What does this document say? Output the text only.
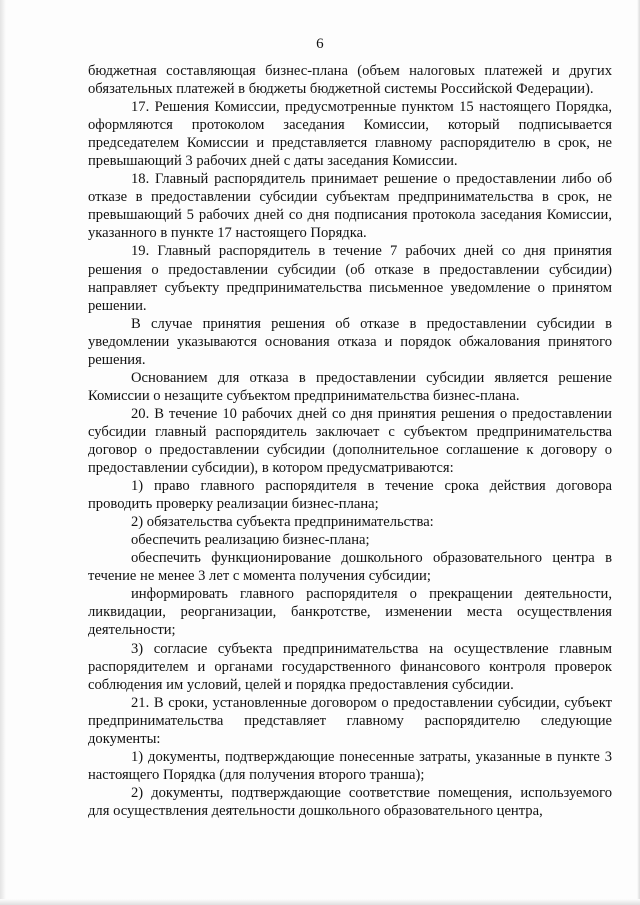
6

бюджетная составляющая бизнес-плана (объем налоговых платежей и других обязательных платежей в бюджеты бюджетной системы Российской Федерации).

17. Решения Комиссии, предусмотренные пунктом 15 настоящего Порядка, оформляются протоколом заседания Комиссии, который подписывается председателем Комиссии и представляется главному распорядителю в срок, не превышающий 3 рабочих дней с даты заседания Комиссии.

18. Главный распорядитель принимает решение о предоставлении либо об отказе в предоставлении субсидии субъектам предпринимательства в срок, не превышающий 5 рабочих дней со дня подписания протокола заседания Комиссии, указанного в пункте 17 настоящего Порядка.

19. Главный распорядитель в течение 7 рабочих дней со дня принятия решения о предоставлении субсидии (об отказе в предоставлении субсидии) направляет субъекту предпринимательства письменное уведомление о принятом решении.

В случае принятия решения об отказе в предоставлении субсидии в уведомлении указываются основания отказа и порядок обжалования принятого решения.

Основанием для отказа в предоставлении субсидии является решение Комиссии о незащите субъектом предпринимательства бизнес-плана.

20. В течение 10 рабочих дней со дня принятия решения о предоставлении субсидии главный распорядитель заключает с субъектом предпринимательства договор о предоставлении субсидии (дополнительное соглашение к договору о предоставлении субсидии), в котором предусматриваются:

1) право главного распорядителя в течение срока действия договора проводить проверку реализации бизнес-плана;

2) обязательства субъекта предпринимательства:

обеспечить реализацию бизнес-плана;

обеспечить функционирование дошкольного образовательного центра в течение не менее 3 лет с момента получения субсидии;

информировать главного распорядителя о прекращении деятельности, ликвидации, реорганизации, банкротстве, изменении места осуществления деятельности;

3) согласие субъекта предпринимательства на осуществление главным распорядителем и органами государственного финансового контроля проверок соблюдения им условий, целей и порядка предоставления субсидии.

21. В сроки, установленные договором о предоставлении субсидии, субъект предпринимательства представляет главному распорядителю следующие документы:

1) документы, подтверждающие понесенные затраты, указанные в пункте 3 настоящего Порядка (для получения второго транша);

2) документы, подтверждающие соответствие помещения, используемого для осуществления деятельности дошкольного образовательного центра,
